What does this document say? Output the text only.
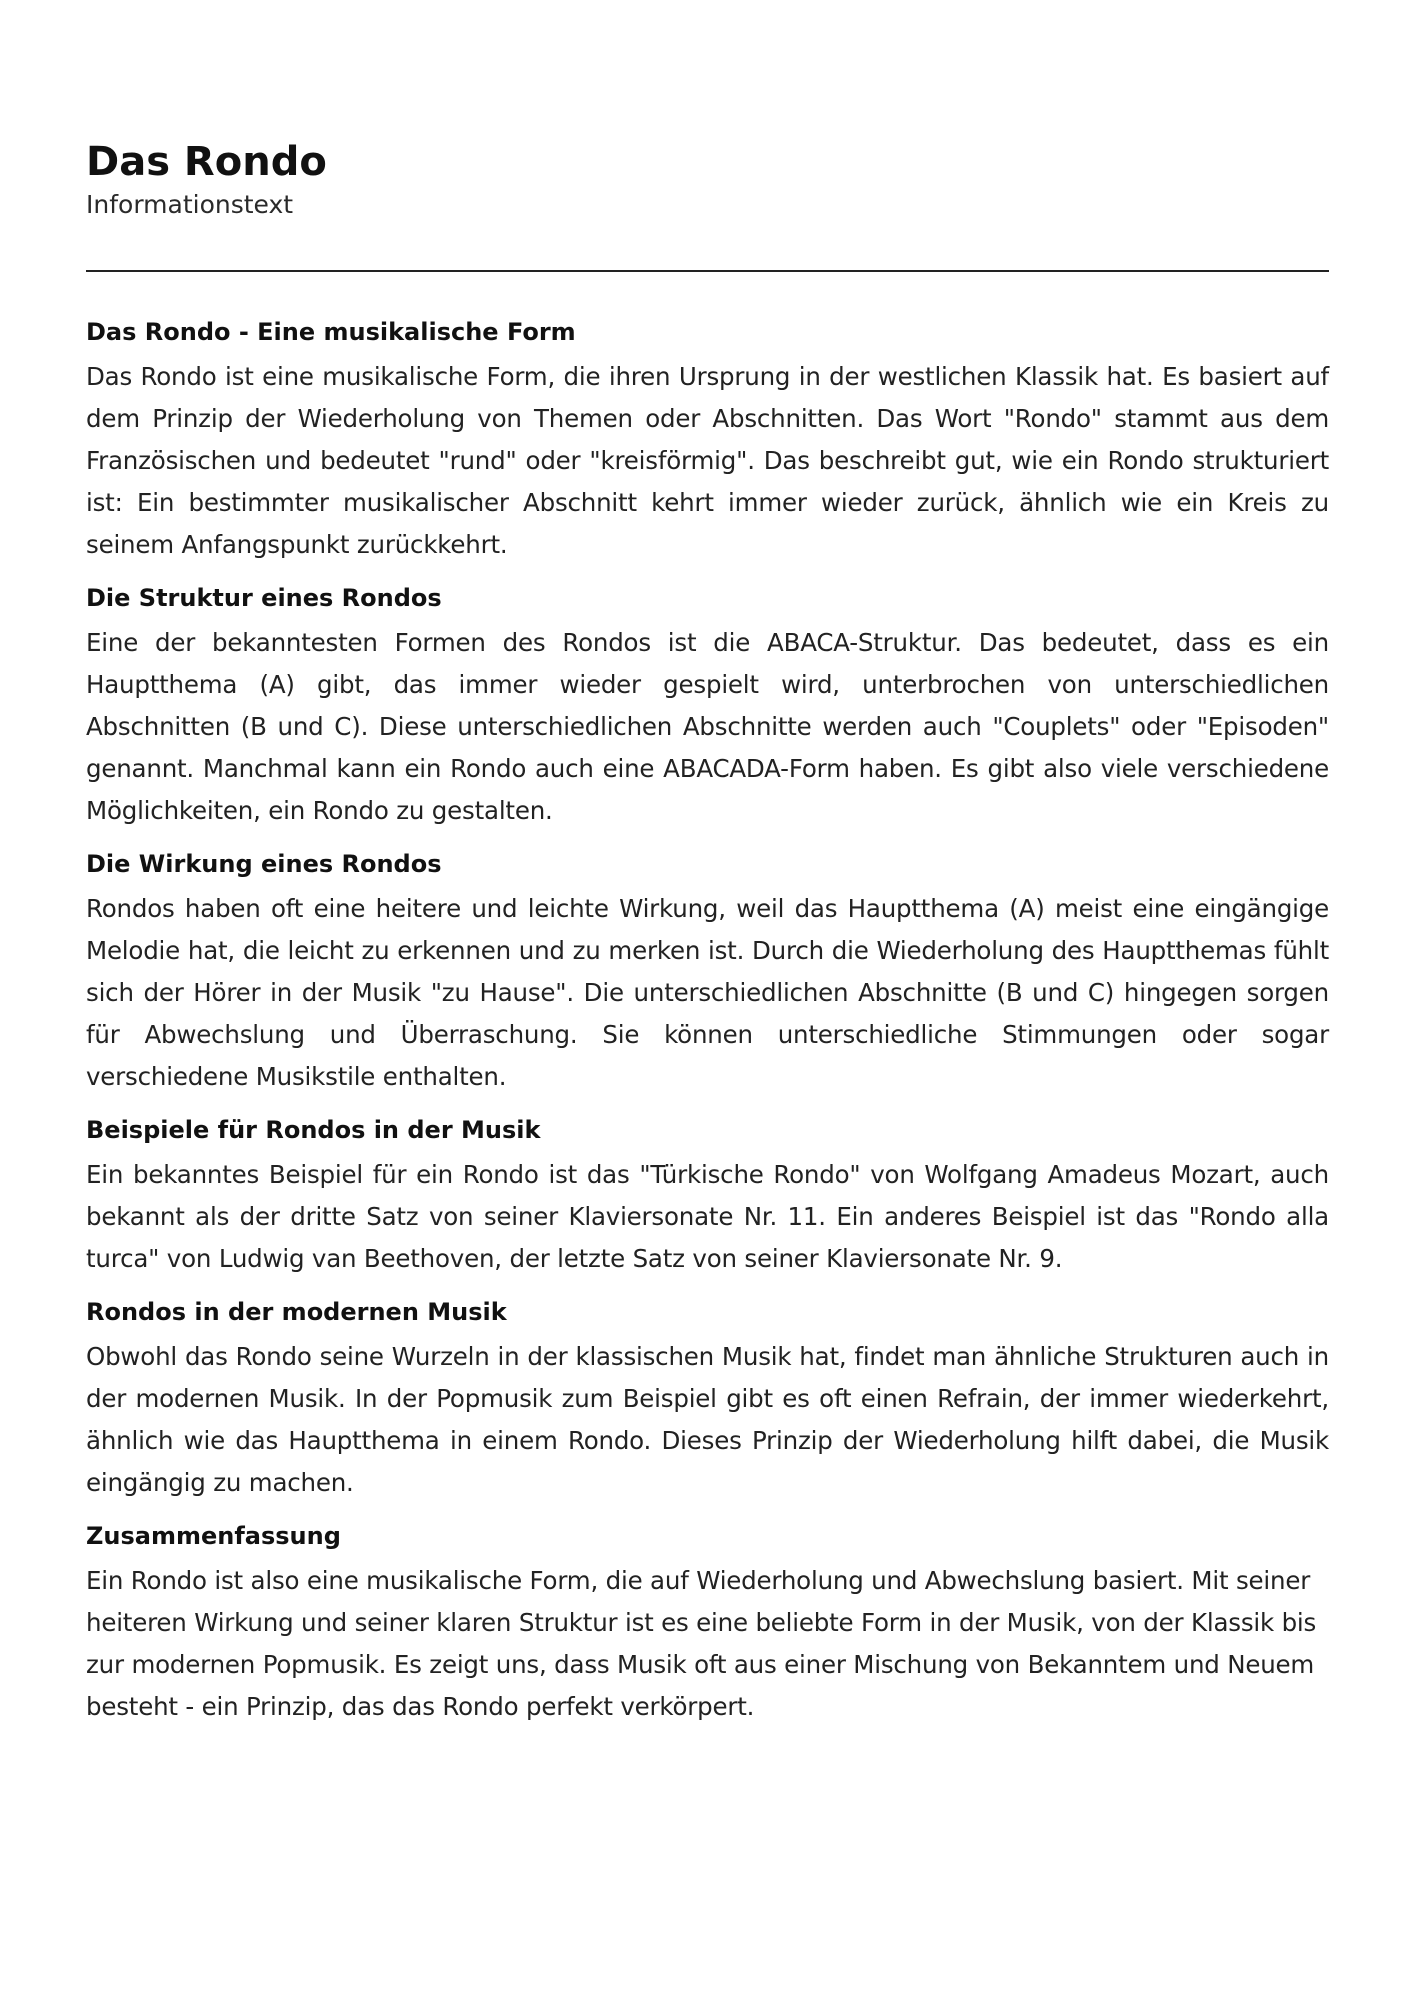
Das Rondo
Informationstext
Das Rondo - Eine musikalische Form

Das Rondo ist eine musikalische Form, die ihren Ursprung in der westlichen Klassik hat. Es basiert auf dem Prinzip der Wiederholung von Themen oder Abschnitten. Das Wort "Rondo" stammt aus dem Französischen und bedeutet "rund" oder "kreisförmig". Das beschreibt gut, wie ein Rondo strukturiert ist: Ein bestimmter musikalischer Abschnitt kehrt immer wieder zurück, ähnlich wie ein Kreis zu seinem Anfangspunkt zurückkehrt.

Die Struktur eines Rondos

Eine der bekanntesten Formen des Rondos ist die ABACA-Struktur. Das bedeutet, dass es ein Hauptthema (A) gibt, das immer wieder gespielt wird, unterbrochen von unterschiedlichen Abschnitten (B und C). Diese unterschiedlichen Abschnitte werden auch "Couplets" oder "Episoden" genannt. Manchmal kann ein Rondo auch eine ABACADA-Form haben. Es gibt also viele verschiedene Möglichkeiten, ein Rondo zu gestalten.

Die Wirkung eines Rondos

Rondos haben oft eine heitere und leichte Wirkung, weil das Hauptthema (A) meist eine eingängige Melodie hat, die leicht zu erkennen und zu merken ist. Durch die Wiederholung des Hauptthemas fühlt sich der Hörer in der Musik "zu Hause". Die unterschiedlichen Abschnitte (B und C) hingegen sorgen für Abwechslung und Überraschung. Sie können unterschiedliche Stimmungen oder sogar verschiedene Musikstile enthalten.

Beispiele für Rondos in der Musik

Ein bekanntes Beispiel für ein Rondo ist das "Türkische Rondo" von Wolfgang Amadeus Mozart, auch bekannt als der dritte Satz von seiner Klaviersonate Nr. 11. Ein anderes Beispiel ist das "Rondo alla turca" von Ludwig van Beethoven, der letzte Satz von seiner Klaviersonate Nr. 9.

Rondos in der modernen Musik

Obwohl das Rondo seine Wurzeln in der klassischen Musik hat, findet man ähnliche Strukturen auch in der modernen Musik. In der Popmusik zum Beispiel gibt es oft einen Refrain, der immer wiederkehrt, ähnlich wie das Hauptthema in einem Rondo. Dieses Prinzip der Wiederholung hilft dabei, die Musik eingängig zu machen.

Zusammenfassung

Ein Rondo ist also eine musikalische Form, die auf Wiederholung und Abwechslung basiert. Mit seiner heiteren Wirkung und seiner klaren Struktur ist es eine beliebte Form in der Musik, von der Klassik bis zur modernen Popmusik. Es zeigt uns, dass Musik oft aus einer Mischung von Bekanntem und Neuem besteht - ein Prinzip, das das Rondo perfekt verkörpert.
